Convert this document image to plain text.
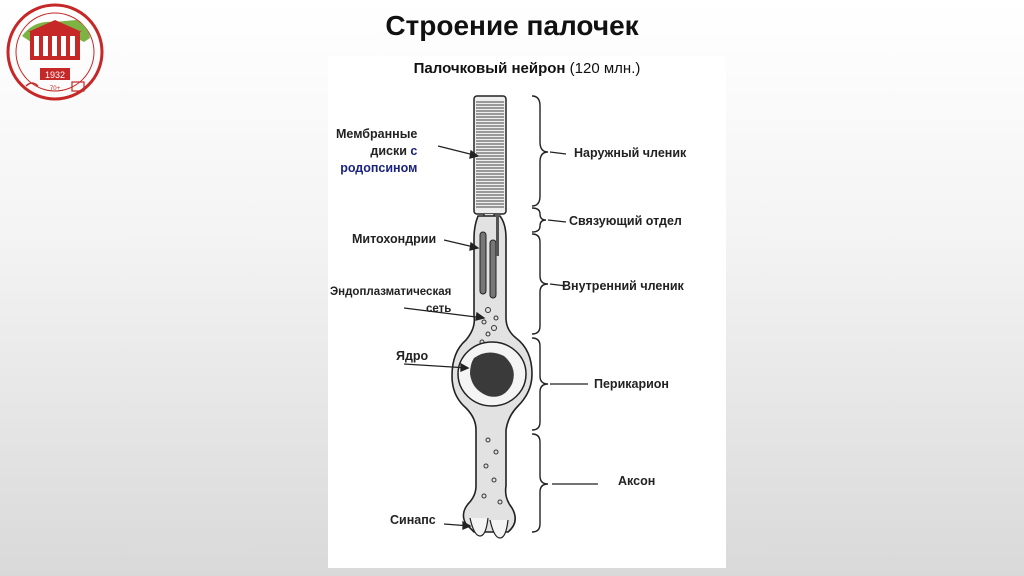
Строение палочек
1932
70+
Палочковый нейрон (120 млн.)
Мембранные
диски с
родопсином
Митохондрии
Эндоплазматическая
сеть
Ядро
Синапс
Наружный членик
Связующий отдел
Внутренний членик
Перикарион
Аксон
